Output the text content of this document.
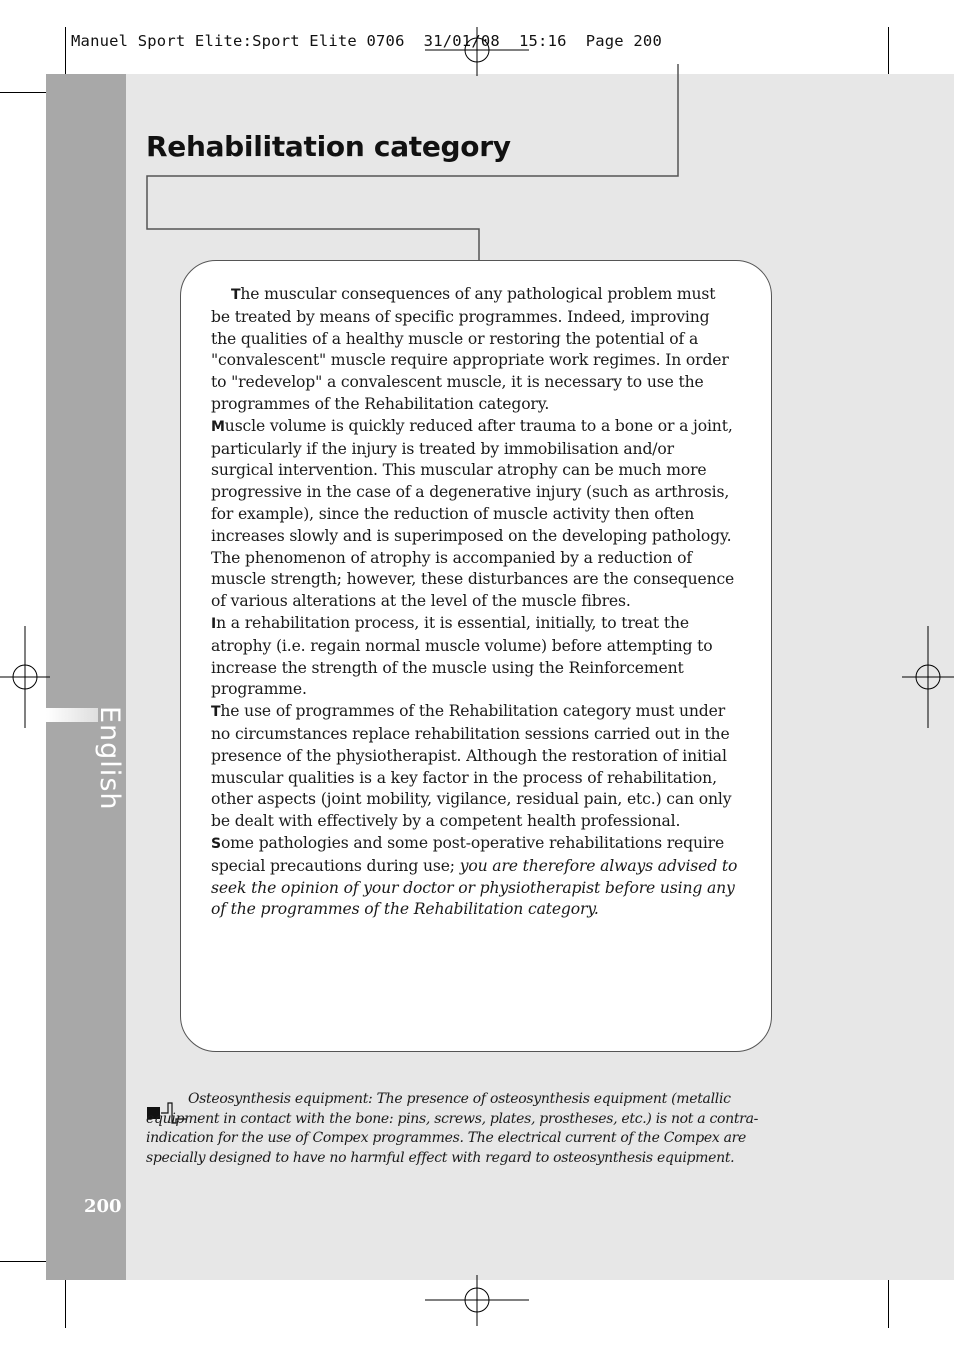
Manuel Sport Elite:Sport Elite 0706  31/01/08  15:16  Page 200
English
200
Rehabilitation category

The muscular consequences of any pathological problem must be treated by means of specific programmes. Indeed, improving the qualities of a healthy muscle or restoring the potential of a "convalescent" muscle require appropriate work regimes. In order to "redevelop" a convalescent muscle, it is necessary to use the programmes of the Rehabilitation category.

Muscle volume is quickly reduced after trauma to a bone or a joint, particularly if the injury is treated by immobilisation and/or surgical intervention. This muscular atrophy can be much more progressive in the case of a degenerative injury (such as arthrosis, for example), since the reduction of muscle activity then often increases slowly and is superimposed on the developing pathology. The phenomenon of atrophy is accompanied by a reduction of muscle strength; however, these disturbances are the consequence of various alterations at the level of the muscle fibres.

In a rehabilitation process, it is essential, initially, to treat the atrophy (i.e. regain normal muscle volume) before attempting to increase the strength of the muscle using the Reinforcement programme.

The use of programmes of the Rehabilitation category must under no circumstances replace rehabilitation sessions carried out in the presence of the physiotherapist. Although the restoration of initial muscular qualities is a key factor in the process of rehabilitation, other aspects (joint mobility, vigilance, residual pain, etc.) can only be dealt with effectively by a competent health professional.

Some pathologies and some post-operative rehabilitations require special precautions during use; you are therefore always advised to seek the opinion of your doctor or physiotherapist before using any of the programmes of the Rehabilitation category.

Osteosynthesis equipment: The presence of osteosynthesis equipment (metallic equipment in contact with the bone: pins, screws, plates, prostheses, etc.) is not a contra-indication for the use of Compex programmes. The electrical current of the Compex are specially designed to have no harmful effect with regard to osteosynthesis equipment.
